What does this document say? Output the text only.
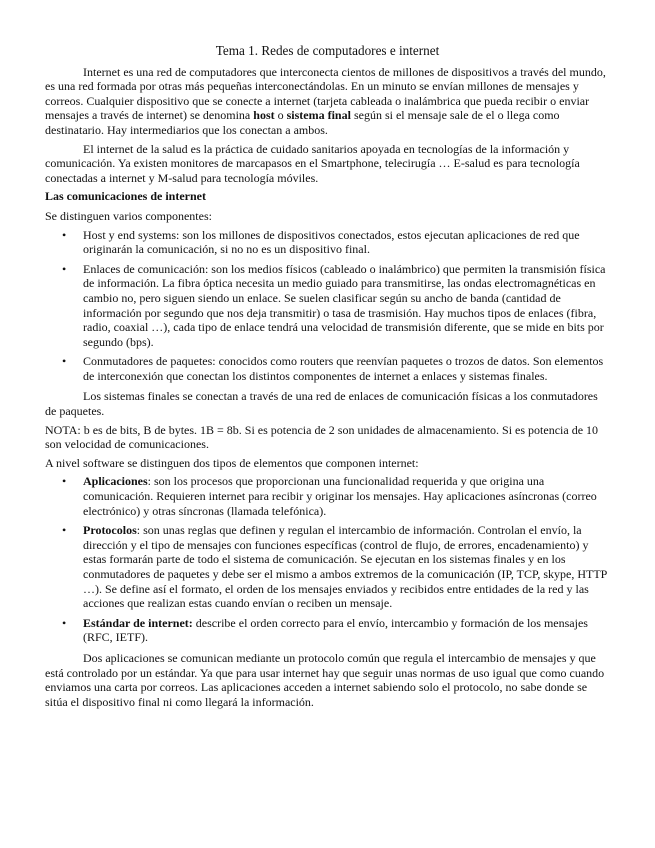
Tema 1. Redes de computadores e internet

Internet es una red de computadores que interconecta cientos de millones de dispositivos a través del mundo, es una red formada por otras más pequeñas interconectándolas. En un minuto se envían millones de mensajes y correos. Cualquier dispositivo que se conecte a internet (tarjeta cableada o inalámbrica que pueda recibir o enviar mensajes a través de internet) se denomina host o sistema final según si el mensaje sale de el o llega como destinatario. Hay intermediarios que los conectan a ambos.

El internet de la salud es la práctica de cuidado sanitarios apoyada en tecnologías de la información y comunicación. Ya existen monitores de marcapasos en el Smartphone, telecirugía … E-salud es para tecnología conectadas a internet y M-salud para tecnología móviles.

Las comunicaciones de internet

Se distinguen varios componentes:

• Host y end systems: son los millones de dispositivos conectados, estos ejecutan aplicaciones de red que originarán la comunicación, si no no es un dispositivo final.
• Enlaces de comunicación: son los medios físicos (cableado o inalámbrico) que permiten la transmisión física de información. La fibra óptica necesita un medio guiado para transmitirse, las ondas electromagnéticas en cambio no, pero siguen siendo un enlace. Se suelen clasificar según su ancho de banda (cantidad de información por segundo que nos deja transmitir) o tasa de trasmisión. Hay muchos tipos de enlaces (fibra, radio, coaxial …), cada tipo de enlace tendrá una velocidad de transmisión diferente, que se mide en bits por segundo (bps).
• Conmutadores de paquetes: conocidos como routers que reenvían paquetes o trozos de datos. Son elementos de interconexión que conectan los distintos componentes de internet a enlaces y sistemas finales.

Los sistemas finales se conectan a través de una red de enlaces de comunicación físicas a los conmutadores de paquetes.

NOTA: b es de bits, B de bytes. 1B = 8b. Si es potencia de 2 son unidades de almacenamiento. Si es potencia de 10 son velocidad de comunicaciones.

A nivel software se distinguen dos tipos de elementos que componen internet:

• Aplicaciones: son los procesos que proporcionan una funcionalidad requerida y que origina una comunicación. Requieren internet para recibir y originar los mensajes. Hay aplicaciones asíncronas (correo electrónico) y otras síncronas (llamada telefónica).
• Protocolos: son unas reglas que definen y regulan el intercambio de información. Controlan el envío, la dirección y el tipo de mensajes con funciones específicas (control de flujo, de errores, encadenamiento) y estas formarán parte de todo el sistema de comunicación. Se ejecutan en los sistemas finales y en los conmutadores de paquetes y debe ser el mismo a ambos extremos de la comunicación (IP, TCP, skype, HTTP …). Se define así el formato, el orden de los mensajes enviados y recibidos entre entidades de la red y las acciones que realizan estas cuando envían o reciben un mensaje.
• Estándar de internet: describe el orden correcto para el envío, intercambio y formación de los mensajes (RFC, IETF).

Dos aplicaciones se comunican mediante un protocolo común que regula el intercambio de mensajes y que está controlado por un estándar. Ya que para usar internet hay que seguir unas normas de uso igual que como cuando enviamos una carta por correos. Las aplicaciones acceden a internet sabiendo solo el protocolo, no sabe donde se sitúa el dispositivo final ni como llegará la información.
